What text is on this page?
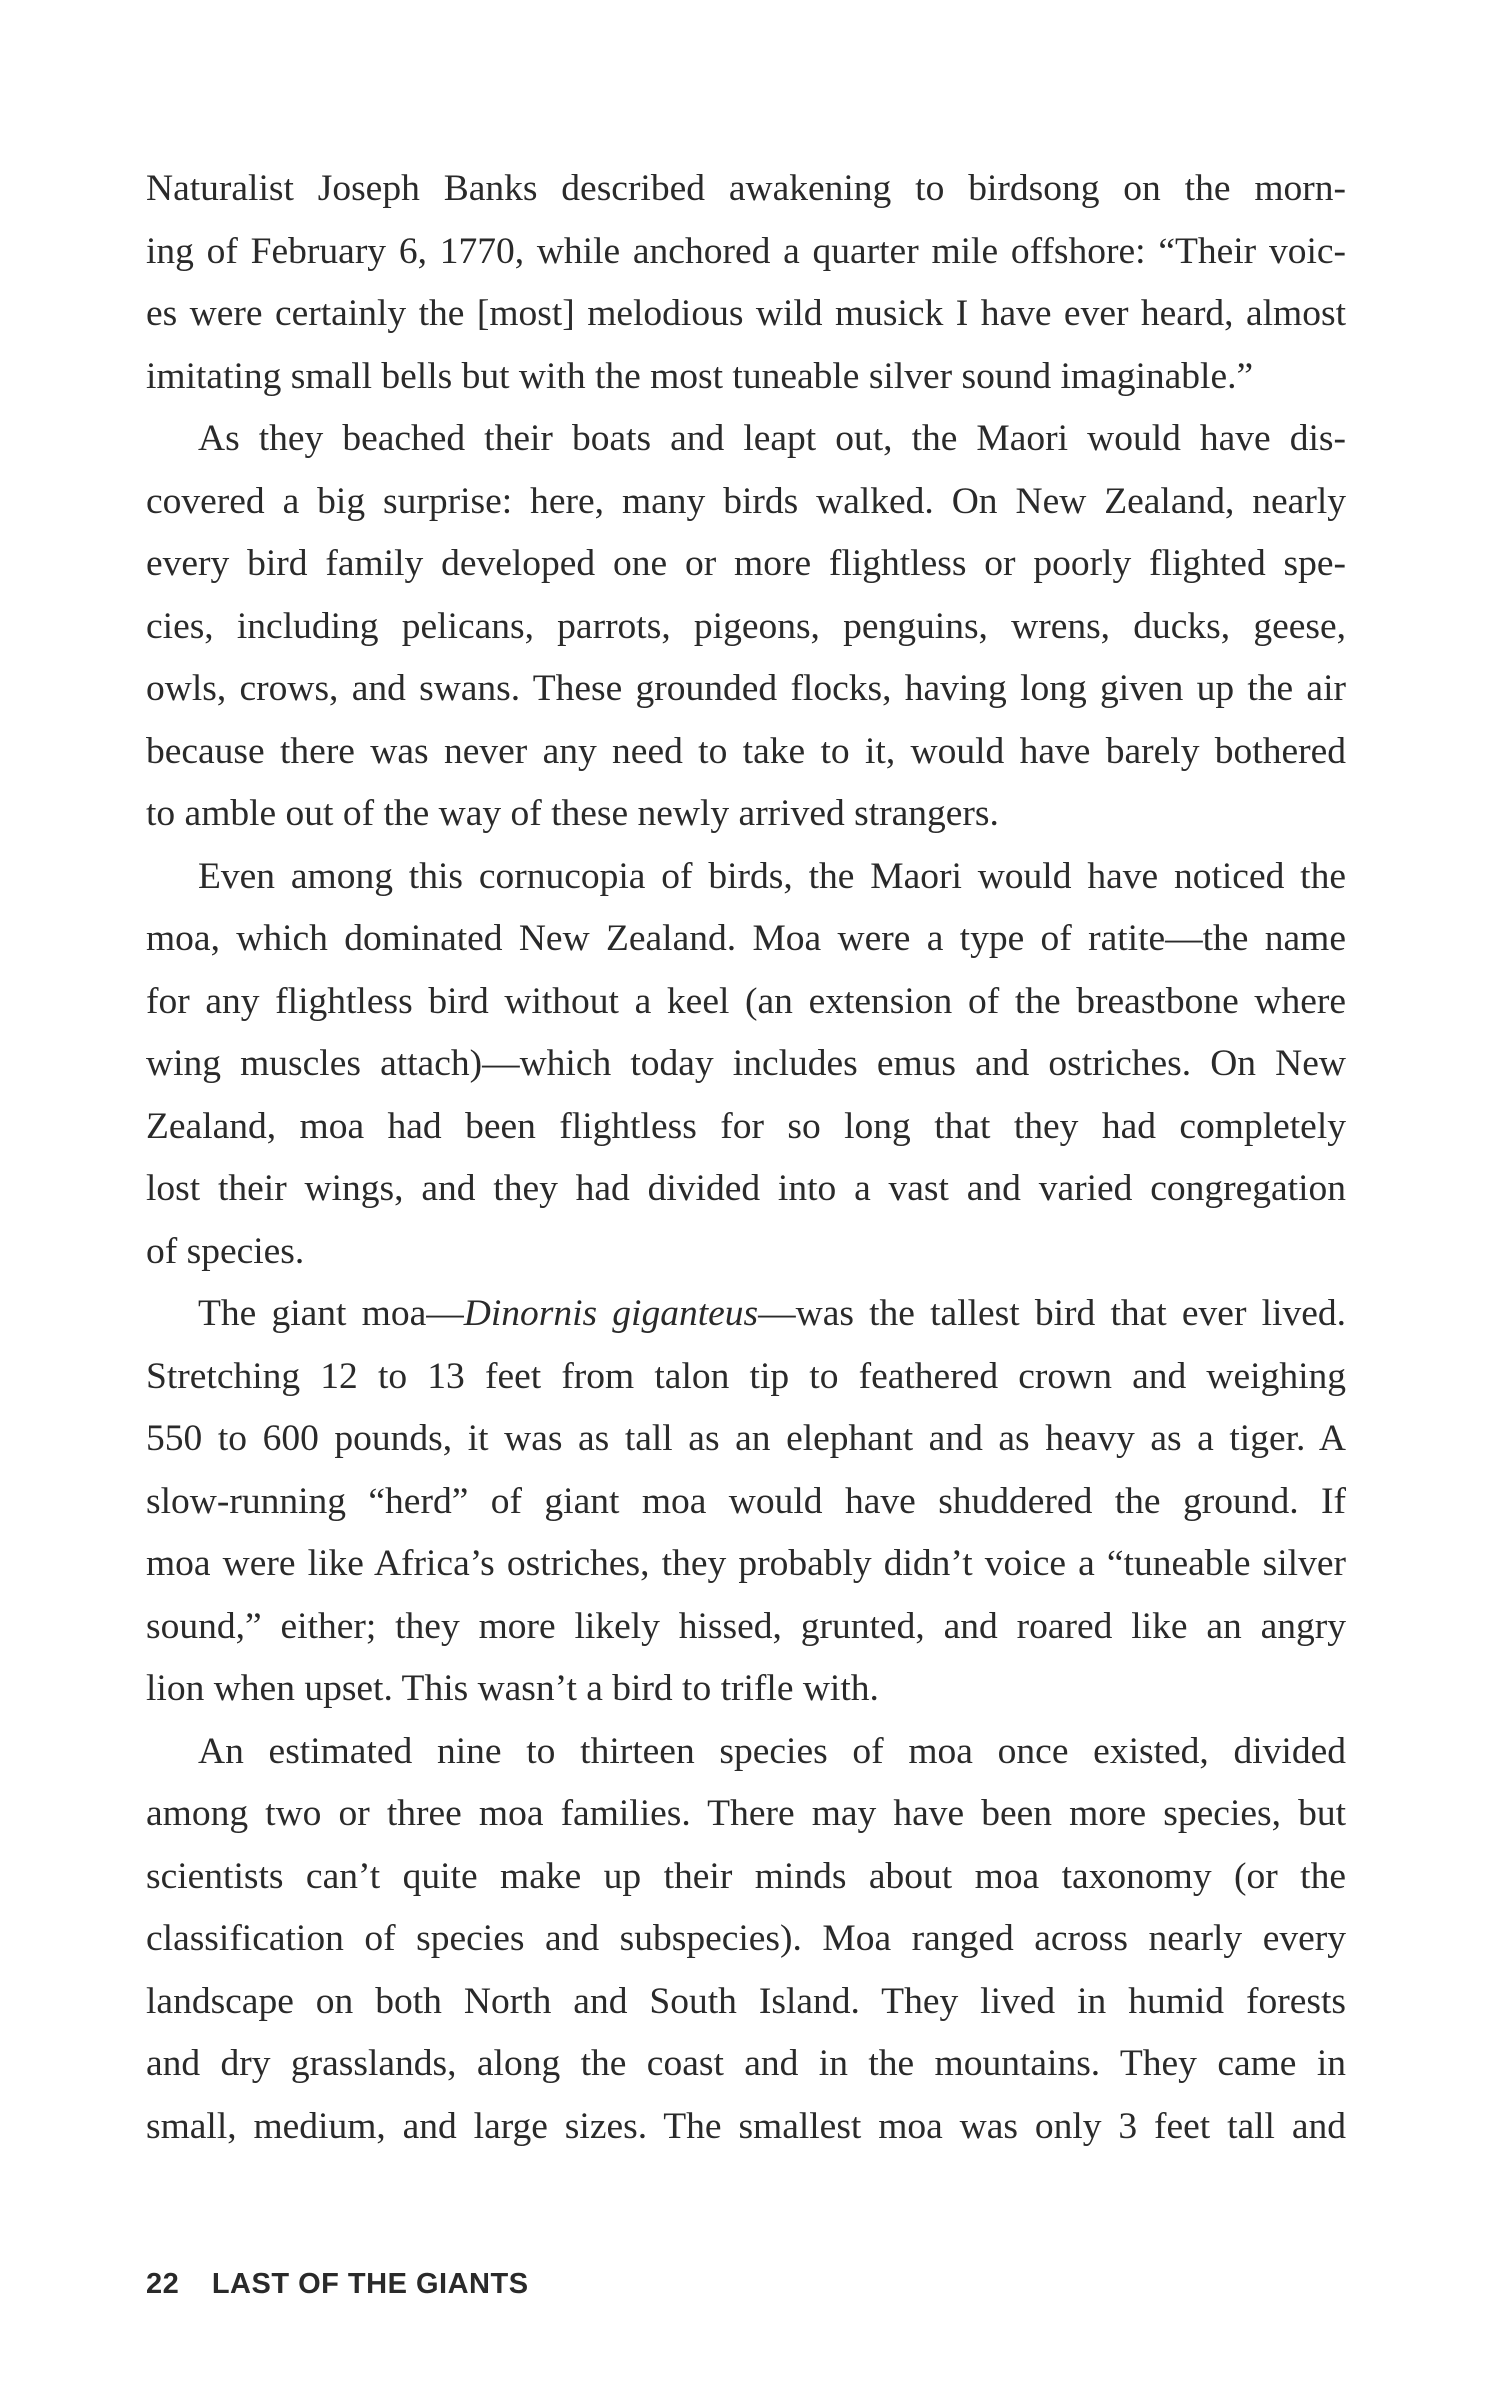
Naturalist Joseph Banks described awakening to birdsong on the morn-
ing of February 6, 1770, while anchored a quarter mile offshore: “Their voic-
es were certainly the [most] melodious wild musick I have ever heard, almost
imitating small bells but with the most tuneable silver sound imaginable.”
As they beached their boats and leapt out, the Maori would have dis-
covered a big surprise: here, many birds walked. On New Zealand, nearly
every bird family developed one or more flightless or poorly flighted spe-
cies, including pelicans, parrots, pigeons, penguins, wrens, ducks, geese,
owls, crows, and swans. These grounded flocks, having long given up the air
because there was never any need to take to it, would have barely bothered
to amble out of the way of these newly arrived strangers.
Even among this cornucopia of birds, the Maori would have noticed the
moa, which dominated New Zealand. Moa were a type of ratite—the name
for any flightless bird without a keel (an extension of the breastbone where
wing muscles attach)—which today includes emus and ostriches. On New
Zealand, moa had been flightless for so long that they had completely
lost their wings, and they had divided into a vast and varied congregation
of species.
The giant moa—Dinornis giganteus—was the tallest bird that ever lived.
Stretching 12 to 13 feet from talon tip to feathered crown and weighing
550 to 600 pounds, it was as tall as an elephant and as heavy as a tiger. A
slow-running “herd” of giant moa would have shuddered the ground. If
moa were like Africa’s ostriches, they probably didn’t voice a “tuneable silver
sound,” either; they more likely hissed, grunted, and roared like an angry
lion when upset. This wasn’t a bird to trifle with.
An estimated nine to thirteen species of moa once existed, divided
among two or three moa families. There may have been more species, but
scientists can’t quite make up their minds about moa taxonomy (or the
classification of species and subspecies). Moa ranged across nearly every
landscape on both North and South Island. They lived in humid forests
and dry grasslands, along the coast and in the mountains. They came in
small, medium, and large sizes. The smallest moa was only 3 feet tall and
22 LAST OF THE GIANTS
